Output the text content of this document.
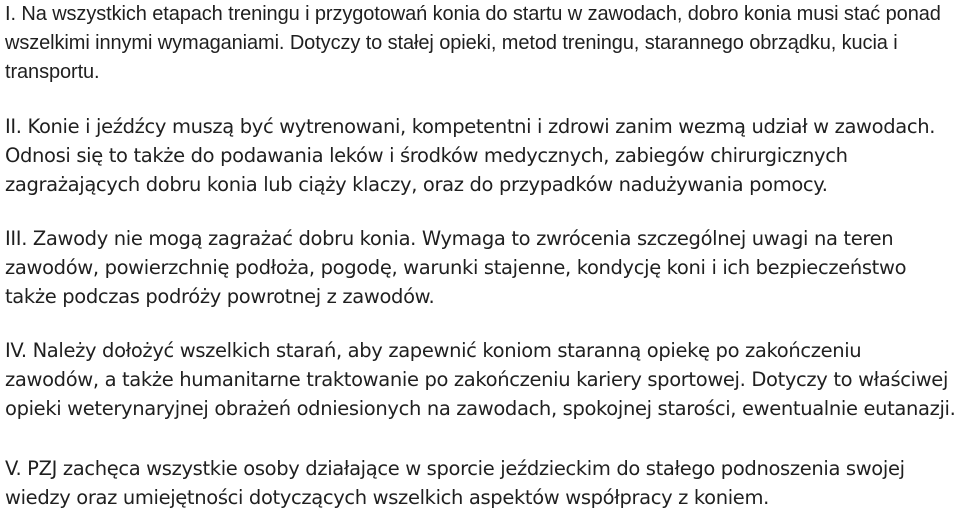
I. Na wszystkich etapach treningu i przygotowań konia do startu w zawodach, dobro konia musi stać ponad wszelkimi innymi wymaganiami. Dotyczy to stałej opieki, metod treningu, starannego obrządku, kucia i transportu.

II. Konie i jeźdźcy muszą być wytrenowani, kompetentni i zdrowi zanim wezmą udział w zawodach. Odnosi się to także do podawania leków i środków medycznych, zabiegów chirurgicznych zagrażających dobru konia lub ciąży klaczy, oraz do przypadków nadużywania pomocy.

III. Zawody nie mogą zagrażać dobru konia. Wymaga to zwrócenia szczególnej uwagi na teren zawodów, powierzchnię podłoża, pogodę, warunki stajenne, kondycję koni i ich bezpieczeństwo także podczas podróży powrotnej z zawodów.

IV. Należy dołożyć wszelkich starań, aby zapewnić koniom staranną opiekę po zakończeniu zawodów, a także humanitarne traktowanie po zakończeniu kariery sportowej. Dotyczy to właściwej opieki weterynaryjnej obrażeń odniesionych na zawodach, spokojnej starości, ewentualnie eutanazji.

V. PZJ zachęca wszystkie osoby działające w sporcie jeździeckim do stałego podnoszenia swojej wiedzy oraz umiejętności dotyczących wszelkich aspektów współpracy z koniem.
